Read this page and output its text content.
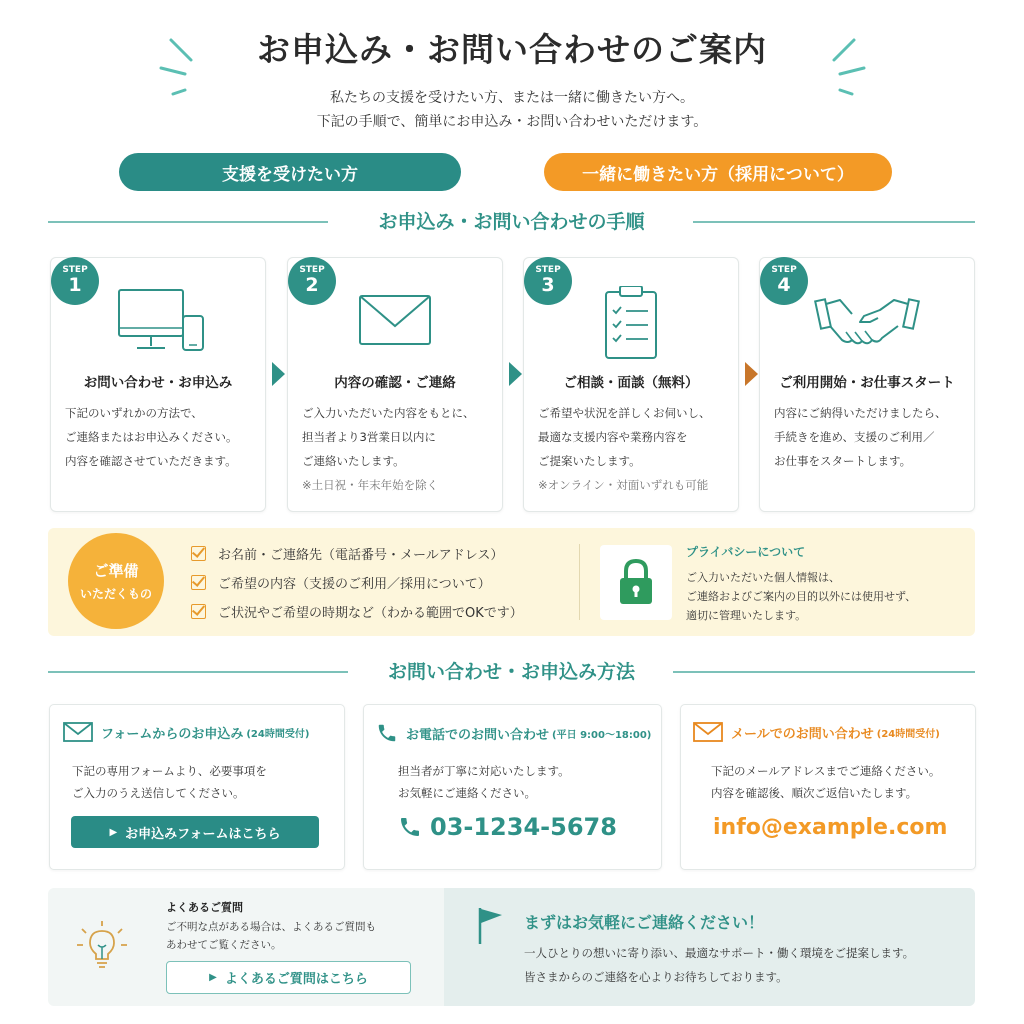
お申込み・お問い合わせのご案内
私たちの支援を受けたい方、または一緒に働きたい方へ。
下記の手順で、簡単にお申込み・お問い合わせいただけます。
支援を受けたい方	一緒に働きたい方（採用について）
お申込み・お問い合わせの手順
STEP
1
お問い合わせ・お申込み
下記のいずれかの方法で、
ご連絡またはお申込みください。
内容を確認させていただきます。
STEP
2
内容の確認・ご連絡
ご入力いただいた内容をもとに、
担当者より3営業日以内に
ご連絡いたします。
※土日祝・年末年始を除く
STEP
3
ご相談・面談（無料）
ご希望や状況を詳しくお伺いし、
最適な支援内容や業務内容を
ご提案いたします。
※オンライン・対面いずれも可能
STEP
4
ご利用開始・お仕事スタート
内容にご納得いただけましたら、
手続きを進め、支援のご利用／
お仕事をスタートします。
ご準備
いただくもの
お名前・ご連絡先（電話番号・メールアドレス）
ご希望の内容（支援のご利用／採用について）
ご状況やご希望の時期など（わかる範囲でOKです）
プライバシーについて
ご入力いただいた個人情報は、
ご連絡およびご案内の目的以外には使用せず、
適切に管理いたします。
お問い合わせ・お申込み方法
フォームからのお申込み (24時間受付)
下記の専用フォームより、必要事項を
ご入力のうえ送信してください。
▶ お申込みフォームはこちら
お電話でのお問い合わせ (平日 9:00〜18:00)
担当者が丁寧に対応いたします。
お気軽にご連絡ください。
03-1234-5678
メールでのお問い合わせ (24時間受付)
下記のメールアドレスまでご連絡ください。
内容を確認後、順次ご返信いたします。
info@example.com
よくあるご質問
ご不明な点がある場合は、よくあるご質問も
あわせてご覧ください。
▶ よくあるご質問はこちら
まずはお気軽にご連絡ください！
一人ひとりの想いに寄り添い、最適なサポート・働く環境をご提案します。
皆さまからのご連絡を心よりお待ちしております。
